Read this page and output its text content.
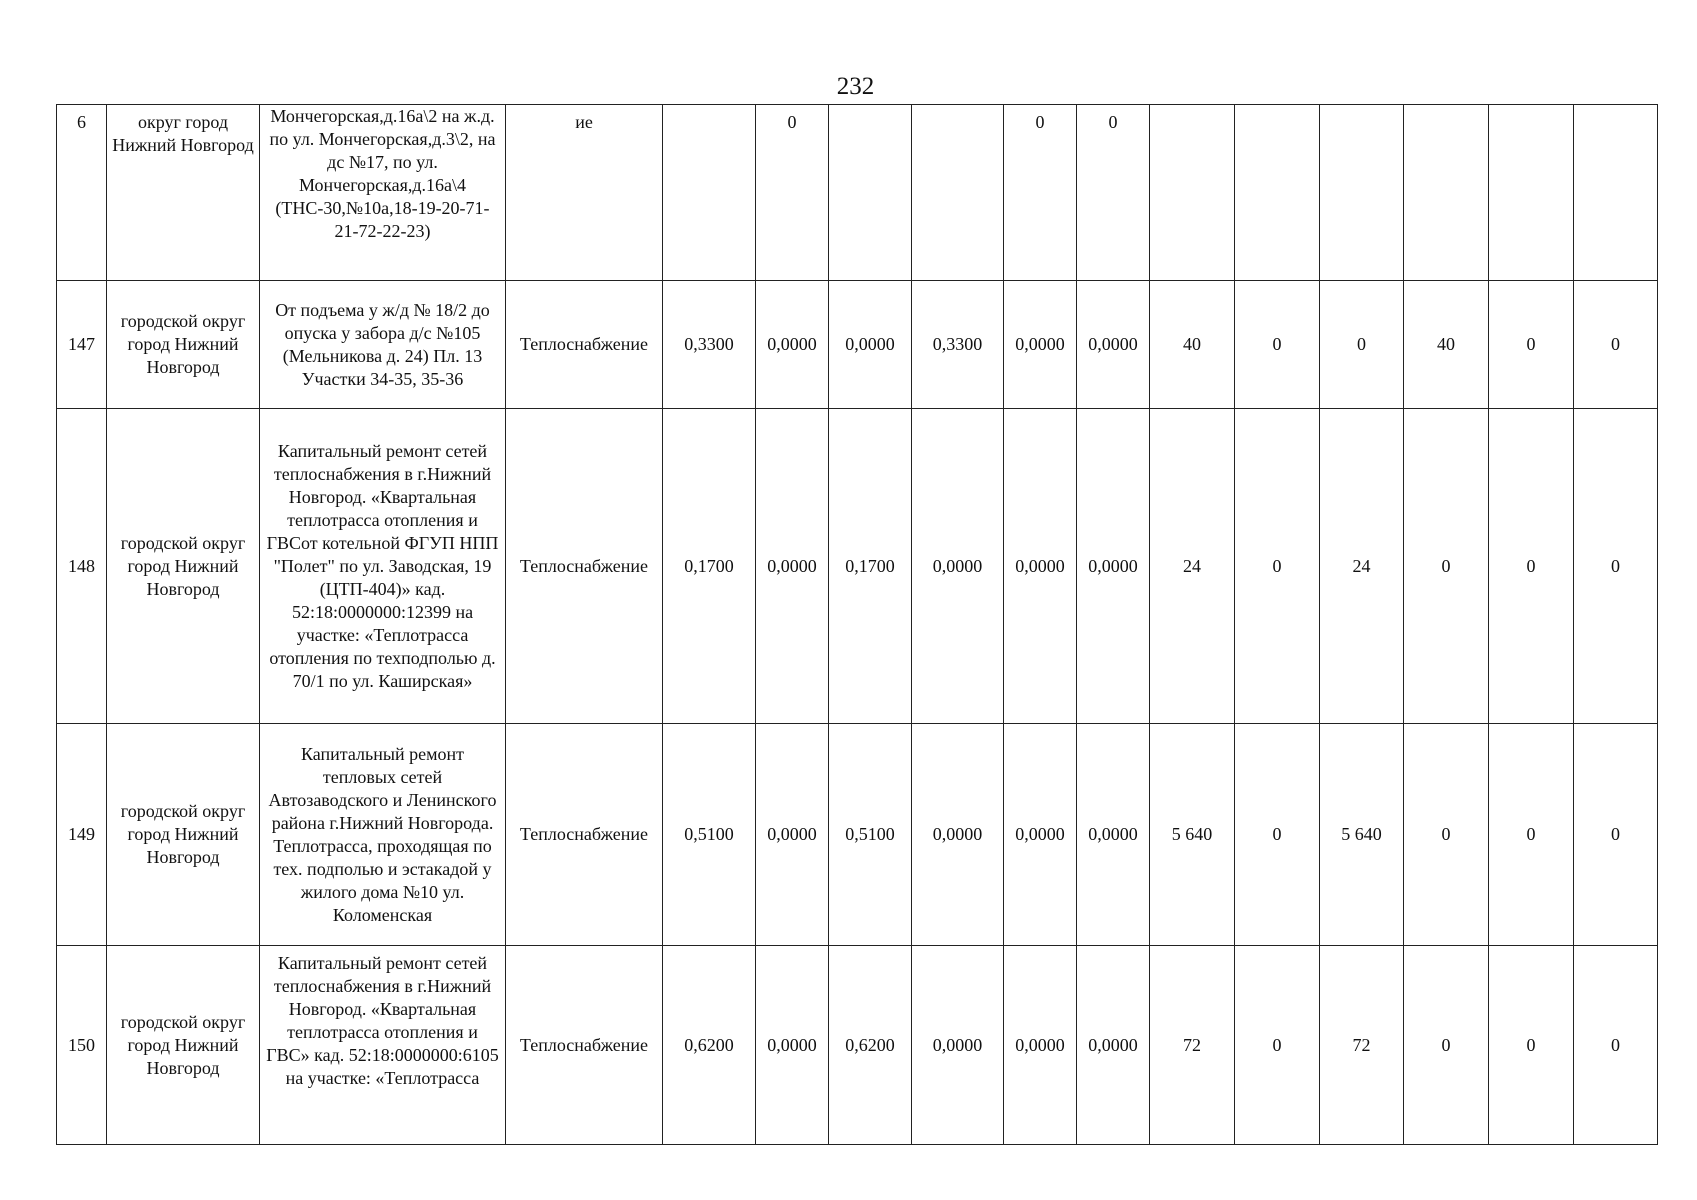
232
6	округ город Нижний Новгород	Мончегорская,д.16а\2 на ж.д. по ул. Мончегорская,д.3\2, на дс №17, по ул. Мончегорская,д.16а\4 (ТНС-30,№10а,18-19-20-71-21-72-22-23)	ие		0			0	0						
147	городской округ город Нижний Новгород	От подъема у ж/д № 18/2 до опуска у забора д/с №105 (Мельникова д. 24) Пл. 13 Участки 34-35, 35-36	Теплоснабжение	0,3300	0,0000	0,0000	0,3300	0,0000	0,0000	40	0	0	40	0	0
148	городской округ город Нижний Новгород	Капитальный ремонт сетей теплоснабжения в г.Нижний Новгород. «Квартальная теплотрасса отопления и ГВСот котельной ФГУП НПП "Полет" по ул. Заводская, 19 (ЦТП-404)» кад. 52:18:0000000:12399 на участке: «Теплотрасса отопления по техподполью д. 70/1 по ул. Каширская»	Теплоснабжение	0,1700	0,0000	0,1700	0,0000	0,0000	0,0000	24	0	24	0	0	0
149	городской округ город Нижний Новгород	Капитальный ремонт тепловых сетей Автозаводского и Ленинского района г.Нижний Новгорода. Теплотрасса, проходящая по тех. подполью и эстакадой у жилого дома №10 ул. Коломенская	Теплоснабжение	0,5100	0,0000	0,5100	0,0000	0,0000	0,0000	5 640	0	5 640	0	0	0
150	городской округ город Нижний Новгород	Капитальный ремонт сетей теплоснабжения в г.Нижний Новгород. «Квартальная теплотрасса отопления и ГВС» кад. 52:18:0000000:6105 на участке: «Теплотрасса	Теплоснабжение	0,6200	0,0000	0,6200	0,0000	0,0000	0,0000	72	0	72	0	0	0
